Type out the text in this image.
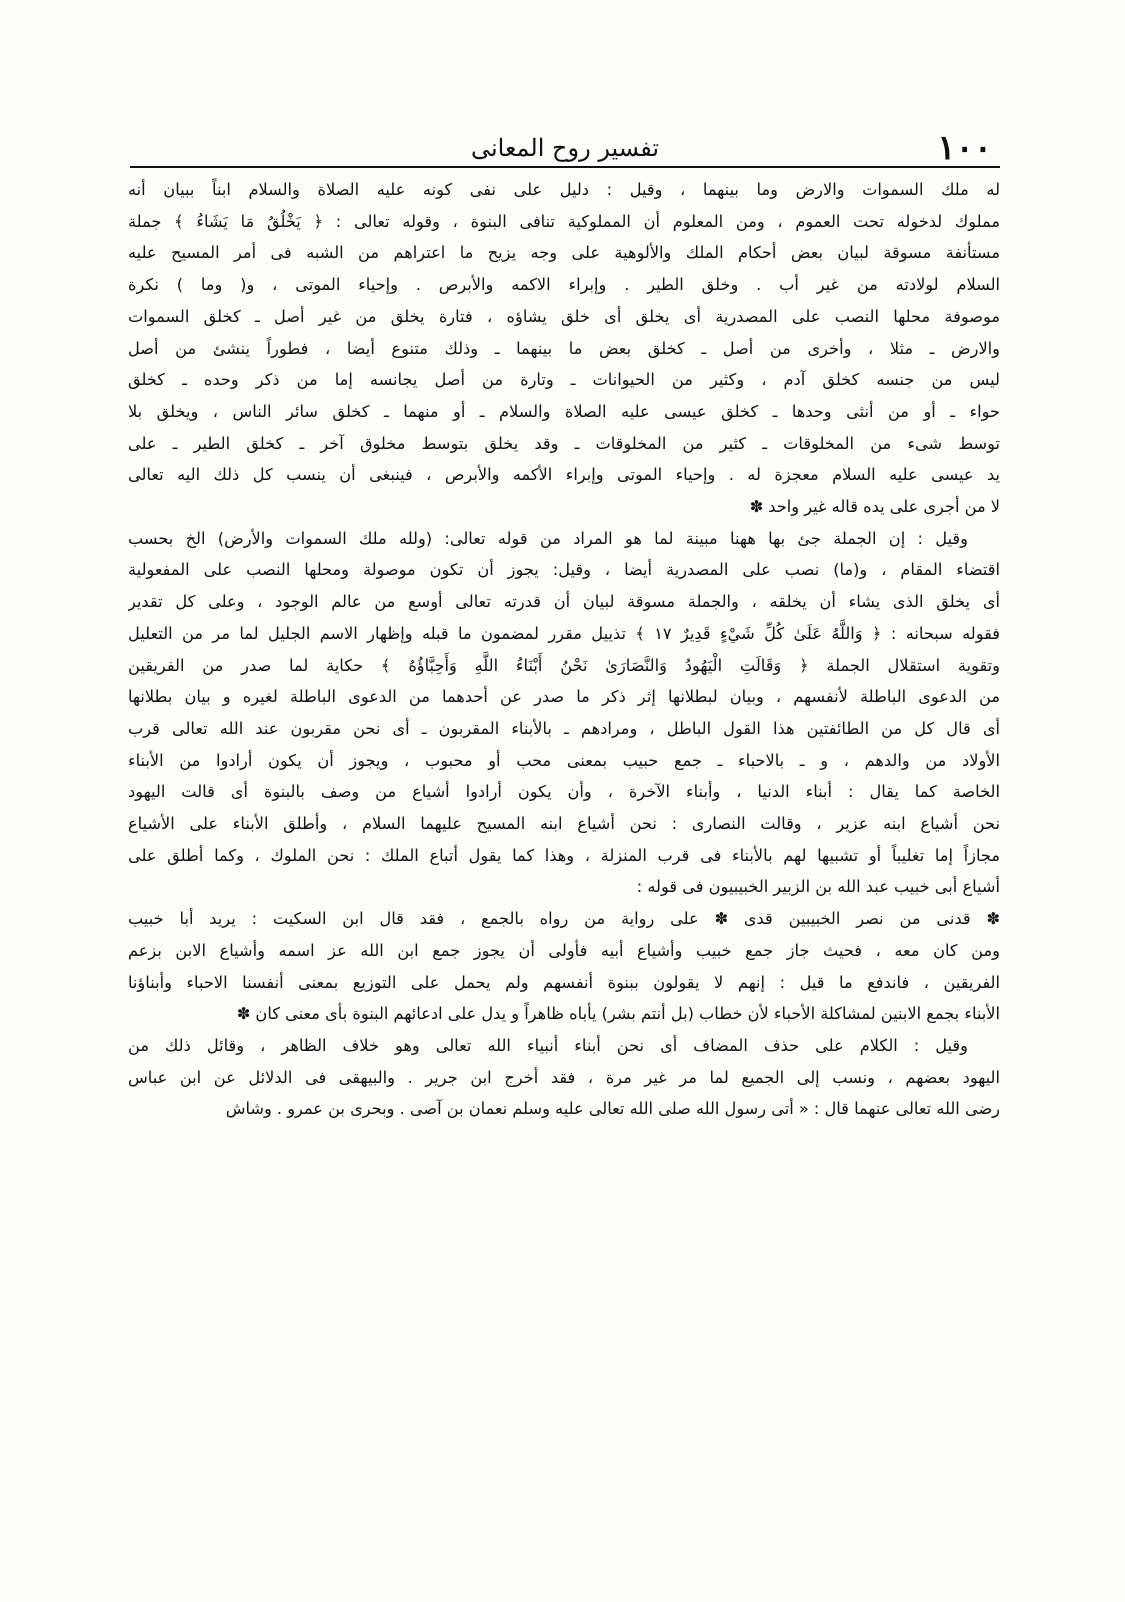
١٠٠
تفسير روح المعانى
له ملك السموات والارض وما بينهما ، وقيل : دليل على نفى كونه عليه الصلاة والسلام ابناً ببيان أنه
مملوك لدخوله تحت العموم ، ومن المعلوم أن المملوكية تنافى البنوة ، وقوله تعالى : ﴿ يَخْلُقُ مَا يَشَاءُ ﴾ جملة
مستأنفة مسوقة لبيان بعض أحكام الملك والألوهية على وجه يزيح ما اعتراهم من الشبه فى أمر المسيح عليه
السلام لولادته من غير أب . وخلق الطير . وإبراء الاكمه والأبرص . وإحياء الموتى ، و( وما ) نكرة
موصوفة محلها النصب على المصدرية أى يخلق أى خلق يشاؤه ، فتارة يخلق من غير أصل ـ كخلق السموات
والارض ـ مثلا ، وأخرى من أصل ـ كخلق بعض ما بينهما ـ وذلك متنوع أيضا ، فطوراً ينشئ من أصل
ليس من جنسه كخلق آدم ، وكثير من الحيوانات ـ وتارة من أصل يجانسه إما من ذكر وحده ـ كخلق
حواء ـ أو من أنثى وحدها ـ كخلق عيسى عليه الصلاة والسلام ـ أو منهما ـ كخلق سائر الناس ، ويخلق بلا
توسط شىء من المخلوقات ـ كثير من المخلوقات ـ وقد يخلق بتوسط مخلوق آخر ـ كخلق الطير ـ على
يد عيسى عليه السلام معجزة له . وإحياء الموتى وإبراء الأكمه والأبرص ، فينبغى أن ينسب كل ذلك اليه تعالى
لا من أجرى على يده قاله غير واحد ✽
وقيل : إن الجملة جئ بها ههنا مبينة لما هو المراد من قوله تعالى: (ولله ملك السموات والأرض) الخ بحسب
اقتضاء المقام ، و(ما) نصب على المصدرية أيضا ، وقيل: يجوز أن تكون موصولة ومحلها النصب على المفعولية
أى يخلق الذى يشاء أن يخلقه ، والجملة مسوقة لبيان أن قدرته تعالى أوسع من عالم الوجود ، وعلى كل تقدير
فقوله سبحانه : ﴿ وَاللَّهُ عَلَىٰ كُلِّ شَيْءٍ قَدِيرٌ ١٧ ﴾ تذييل مقرر لمضمون ما قبله وإظهار الاسم الجليل لما مر من التعليل
وتقوية استقلال الجملة ﴿ وَقَالَتِ الْيَهُودُ وَالنَّصَارَىٰ نَحْنُ أَبْنَاءُ اللَّهِ وَأَحِبَّاؤُهُ ﴾ حكاية لما صدر من الفريقين
من الدعوى الباطلة لأنفسهم ، وبيان لبطلانها إثر ذكر ما صدر عن أحدهما من الدعوى الباطلة لغيره و بيان بطلانها
أى قال كل من الطائفتين هذا القول الباطل ، ومرادهم ـ بالأبناء المقربون ـ أى نحن مقربون عند الله تعالى قرب
الأولاد من والدهم ، و ـ بالاحباء ـ جمع حبيب بمعنى محب أو محبوب ، ويجوز أن يكون أرادوا من الأبناء
الخاصة كما يقال : أبناء الدنيا ، وأبناء الآخرة ، وأن يكون أرادوا أشياع من وصف بالبنوة أى قالت اليهود
نحن أشياع ابنه عزير ، وقالت النصارى : نحن أشياع ابنه المسيح عليهما السلام ، وأطلق الأبناء على الأشياع
مجازاً إما تغليباً أو تشبيها لهم بالأبناء فى قرب المنزلة ، وهذا كما يقول أتباع الملك : نحن الملوك ، وكما أطلق على
أشياع أبى خبيب عبد الله بن الزبير الخبيبيون فى قوله :
✽ قدنى من نصر الخبيبين قدى ✽ على رواية من رواه بالجمع ، فقد قال ابن السكيت : يريد أبا خبيب
ومن كان معه ، فحيث جاز جمع خبيب وأشياع أبيه فأولى أن يجوز جمع ابن الله عز اسمه وأشياع الابن بزعم
الفريقين ، فاندفع ما قيل : إنهم لا يقولون ببنوة أنفسهم ولم يحمل على التوزيع بمعنى أنفسنا الاحباء وأبناؤنا
الأبناء بجمع الابنين لمشاكلة الأحباء لأن خطاب (بل أنتم بشر) يأباه ظاهراً و يدل على ادعائهم البنوة بأى معنى كان ✽
وقيل : الكلام على حذف المضاف أى نحن أبناء أنبياء الله تعالى وهو خلاف الظاهر ، وقائل ذلك من
اليهود بعضهم ، ونسب إلى الجميع لما مر غير مرة ، فقد أخرج ابن جرير . والبيهقى فى الدلائل عن ابن عباس
رضى الله تعالى عنهما قال : « أتى رسول الله صلى الله تعالى عليه وسلم نعمان بن آصى . وبحرى بن عمرو . وشاش
